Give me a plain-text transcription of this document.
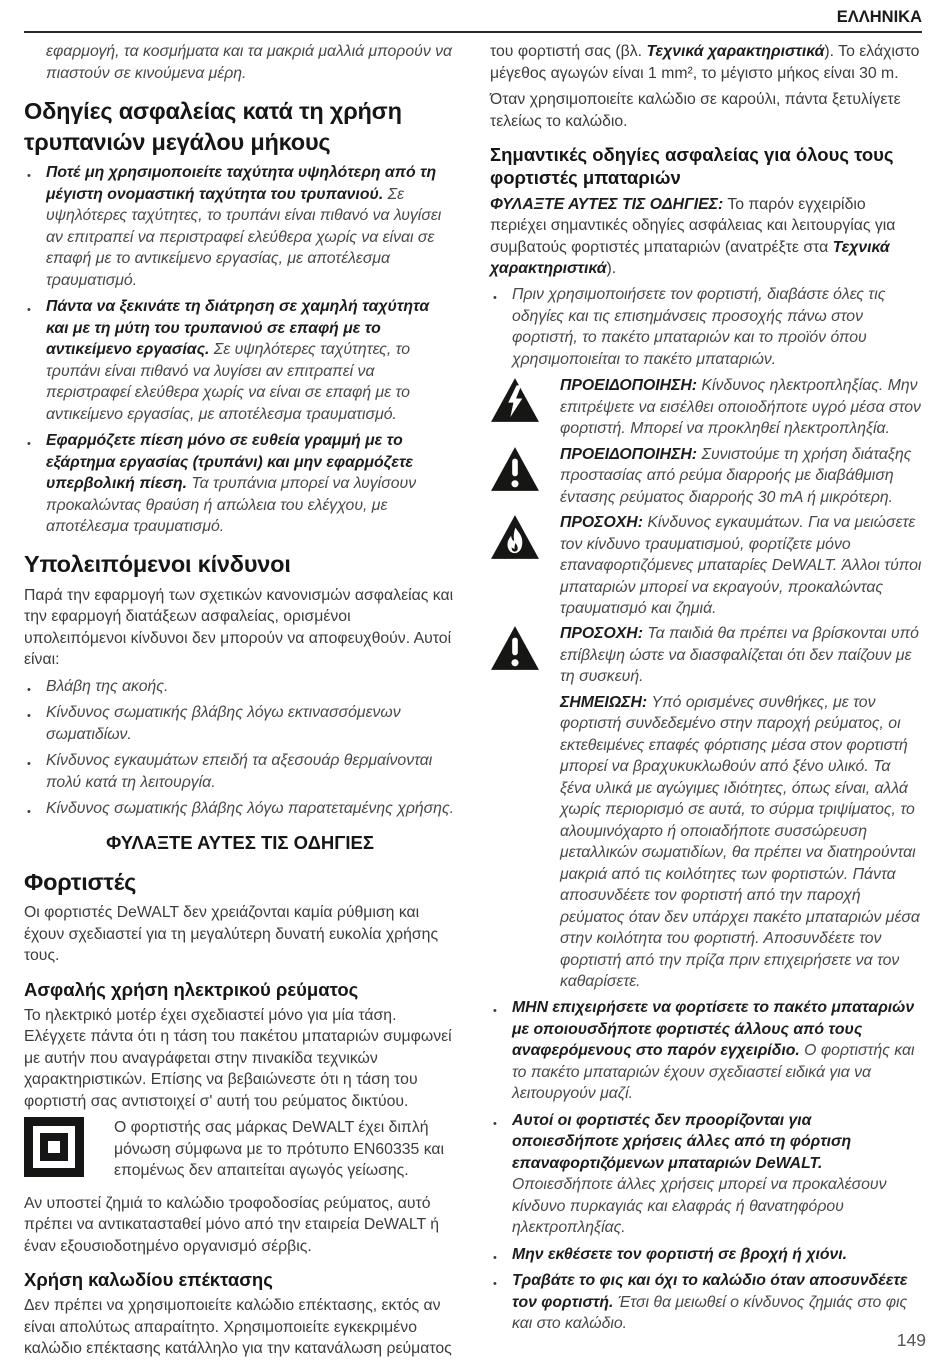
ΕΛΛΗΝΙΚΑ

εφαρμογή, τα κοσμήματα και τα μακριά μαλλιά μπορούν να πιαστούν σε κινούμενα μέρη.

Οδηγίες ασφαλείας κατά τη χρήση τρυπανιών μεγάλου μήκους
•

Ποτέ μη χρησιμοποιείτε ταχύτητα υψηλότερη από τη μέγιστη ονομαστική ταχύτητα του τρυπανιού. Σε υψηλότερες ταχύτητες, το τρυπάνι είναι πιθανό να λυγίσει αν επιτραπεί να περιστραφεί ελεύθερα χωρίς να είναι σε επαφή με το αντικείμενο εργασίας, με αποτέλεσμα τραυματισμό.

•

Πάντα να ξεκινάτε τη διάτρηση σε χαμηλή ταχύτητα και με τη μύτη του τρυπανιού σε επαφή με το αντικείμενο εργασίας. Σε υψηλότερες ταχύτητες, το τρυπάνι είναι πιθανό να λυγίσει αν επιτραπεί να περιστραφεί ελεύθερα χωρίς να είναι σε επαφή με το αντικείμενο εργασίας, με αποτέλεσμα τραυματισμό.

•

Εφαρμόζετε πίεση μόνο σε ευθεία γραμμή με το εξάρτημα εργασίας (τρυπάνι) και μην εφαρμόζετε υπερβολική πίεση. Τα τρυπάνια μπορεί να λυγίσουν προκαλώντας θραύση ή απώλεια του ελέγχου, με αποτέλεσμα τραυματισμό.

Υπολειπόμενοι κίνδυνοι

Παρά την εφαρμογή των σχετικών κανονισμών ασφαλείας και την εφαρμογή διατάξεων ασφαλείας, ορισμένοι υπολειπόμενοι κίνδυνοι δεν μπορούν να αποφευχθούν. Αυτοί είναι:

•

Βλάβη της ακοής.

•

Κίνδυνος σωματικής βλάβης λόγω εκτινασσόμενων σωματιδίων.

•

Κίνδυνος εγκαυμάτων επειδή τα αξεσουάρ θερμαίνονται πολύ κατά τη λειτουργία.

•

Κίνδυνος σωματικής βλάβης λόγω παρατεταμένης χρήσης.

ΦΥΛΑΞΤΕ ΑΥΤΕΣ ΤΙΣ ΟΔΗΓΙΕΣ
Φορτιστές

Οι φορτιστές DeWALT δεν χρειάζονται καμία ρύθμιση και έχουν σχεδιαστεί για τη μεγαλύτερη δυνατή ευκολία χρήσης τους.

Ασφαλής χρήση ηλεκτρικού ρεύματος

Το ηλεκτρικό μοτέρ έχει σχεδιαστεί μόνο για μία τάση. Ελέγχετε πάντα ότι η τάση του πακέτου μπαταριών συμφωνεί με αυτήν που αναγράφεται στην πινακίδα τεχνικών χαρακτηριστικών. Επίσης να βεβαιώνεστε ότι η τάση του φορτιστή σας αντιστοιχεί σ' αυτή του ρεύματος δικτύου.

Ο φορτιστής σας μάρκας DeWALT έχει διπλή μόνωση σύμφωνα με το πρότυπο EN60335 και επομένως δεν απαιτείται αγωγός γείωσης.

Αν υποστεί ζημιά το καλώδιο τροφοδοσίας ρεύματος, αυτό πρέπει να αντικατασταθεί μόνο από την εταιρεία DeWALT ή έναν εξουσιοδοτημένο οργανισμό σέρβις.

Χρήση καλωδίου επέκτασης

Δεν πρέπει να χρησιμοποιείτε καλώδιο επέκτασης, εκτός αν είναι απολύτως απαραίτητο. Χρησιμοποιείτε εγκεκριμένο καλώδιο επέκτασης κατάλληλο για την κατανάλωση ρεύματος

του φορτιστή σας (βλ. Τεχνικά χαρακτηριστικά). Το ελάχιστο μέγεθος αγωγών είναι 1 mm², το μέγιστο μήκος είναι 30 m.

Όταν χρησιμοποιείτε καλώδιο σε καρούλι, πάντα ξετυλίγετε τελείως το καλώδιο.

Σημαντικές οδηγίες ασφαλείας για όλους τους φορτιστές μπαταριών

ΦΥΛΑΞΤΕ ΑΥΤΕΣ ΤΙΣ ΟΔΗΓΙΕΣ: Το παρόν εγχειρίδιο περιέχει σημαντικές οδηγίες ασφάλειας και λειτουργίας για συμβατούς φορτιστές μπαταριών (ανατρέξτε στα Τεχνικά χαρακτηριστικά).

•

Πριν χρησιμοποιήσετε τον φορτιστή, διαβάστε όλες τις οδηγίες και τις επισημάνσεις προσοχής πάνω στον φορτιστή, το πακέτο μπαταριών και το προϊόν όπου χρησιμοποιείται το πακέτο μπαταριών.

ΠΡΟΕΙΔΟΠΟΙΗΣΗ: Κίνδυνος ηλεκτροπληξίας. Μην επιτρέψετε να εισέλθει οποιοδήποτε υγρό μέσα στον φορτιστή. Μπορεί να προκληθεί ηλεκτροπληξία.

ΠΡΟΕΙΔΟΠΟΙΗΣΗ: Συνιστούμε τη χρήση διάταξης προστασίας από ρεύμα διαρροής με διαβάθμιση έντασης ρεύματος διαρροής 30 mA ή μικρότερη.

ΠΡΟΣΟΧΗ: Κίνδυνος εγκαυμάτων. Για να μειώσετε τον κίνδυνο τραυματισμού, φορτίζετε μόνο επαναφορτιζόμενες μπαταρίες DeWALT. Άλλοι τύποι μπαταριών μπορεί να εκραγούν, προκαλώντας τραυματισμό και ζημιά.

ΠΡΟΣΟΧΗ: Τα παιδιά θα πρέπει να βρίσκονται υπό επίβλεψη ώστε να διασφαλίζεται ότι δεν παίζουν με τη συσκευή.

ΣΗΜΕΙΩΣΗ: Υπό ορισμένες συνθήκες, με τον φορτιστή συνδεδεμένο στην παροχή ρεύματος, οι εκτεθειμένες επαφές φόρτισης μέσα στον φορτιστή μπορεί να βραχυκυκλωθούν από ξένο υλικό. Τα ξένα υλικά με αγώγιμες ιδιότητες, όπως είναι, αλλά χωρίς περιορισμό σε αυτά, το σύρμα τριψίματος, το αλουμινόχαρτο ή οποιαδήποτε συσσώρευση μεταλλικών σωματιδίων, θα πρέπει να διατηρούνται μακριά από τις κοιλότητες των φορτιστών. Πάντα αποσυνδέετε τον φορτιστή από την παροχή ρεύματος όταν δεν υπάρχει πακέτο μπαταριών μέσα στην κοιλότητα του φορτιστή. Αποσυνδέετε τον φορτιστή από την πρίζα πριν επιχειρήσετε να τον καθαρίσετε.

•

ΜΗΝ επιχειρήσετε να φορτίσετε το πακέτο μπαταριών με οποιουσδήποτε φορτιστές άλλους από τους αναφερόμενους στο παρόν εγχειρίδιο. Ο φορτιστής και το πακέτο μπαταριών έχουν σχεδιαστεί ειδικά για να λειτουργούν μαζί.

•

Αυτοί οι φορτιστές δεν προορίζονται για οποιεσδήποτε χρήσεις άλλες από τη φόρτιση επαναφορτιζόμενων μπαταριών DeWALT. Οποιεσδήποτε άλλες χρήσεις μπορεί να προκαλέσουν κίνδυνο πυρκαγιάς και ελαφράς ή θανατηφόρου ηλεκτροπληξίας.

•

Μην εκθέσετε τον φορτιστή σε βροχή ή χιόνι.

•

Τραβάτε το φις και όχι το καλώδιο όταν αποσυνδέετε τον φορτιστή. Έτσι θα μειωθεί ο κίνδυνος ζημιάς στο φις και στο καλώδιο.

149
